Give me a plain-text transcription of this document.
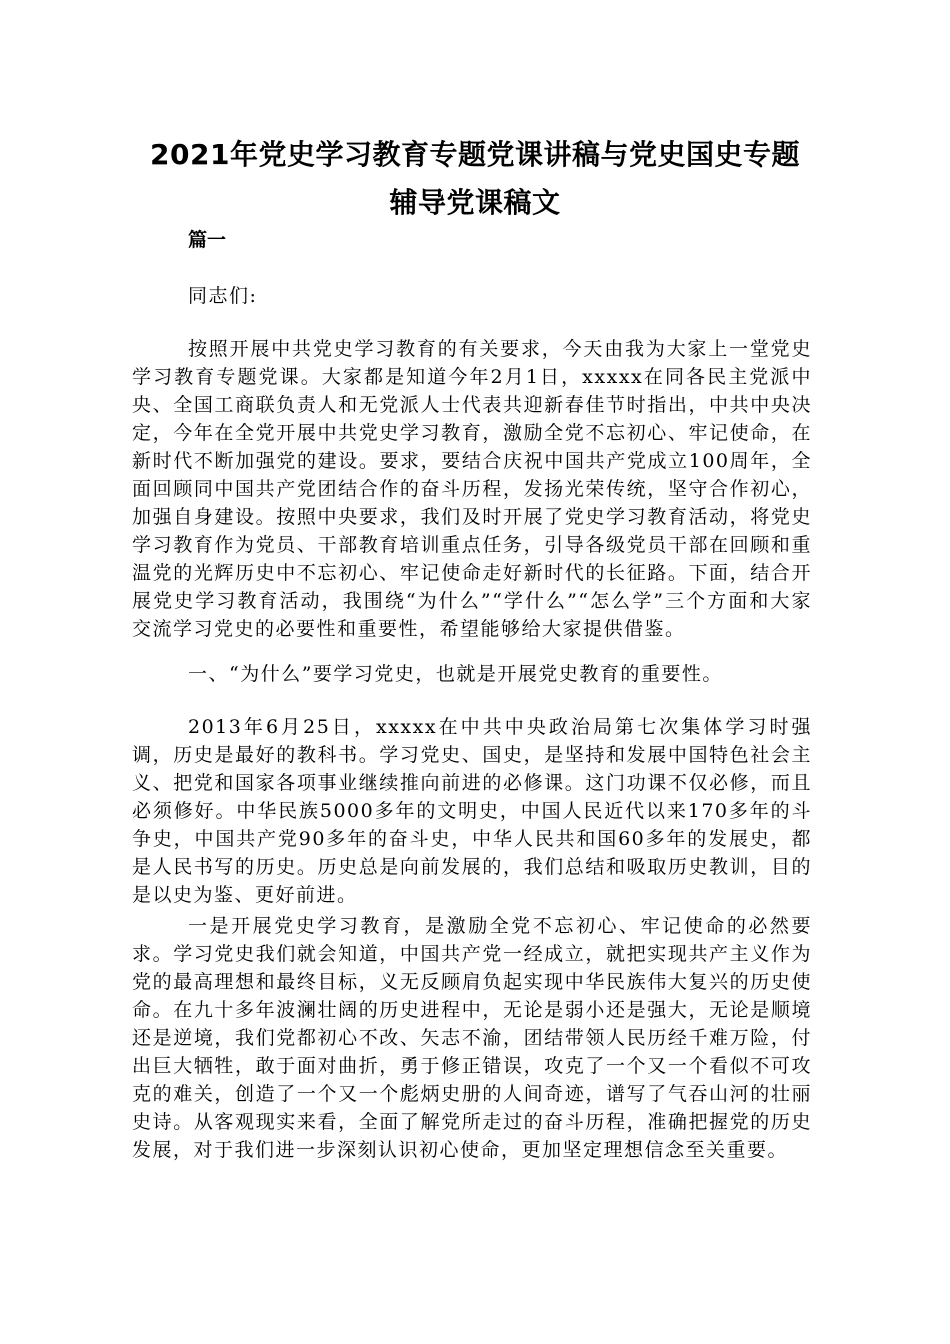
2021年党史学习教育专题党课讲稿与党史国史专题
辅导党课稿文
篇一

同志们:

按照开展中共党史学习教育的有关要求，今天由我为大家上一堂党史学习教育专题党课。大家都是知道今年2月1日，xxxxx在同各民主党派中央、全国工商联负责人和无党派人士代表共迎新春佳节时指出，中共中央决定，今年在全党开展中共党史学习教育，激励全党不忘初心、牢记使命，在新时代不断加强党的建设。要求，要结合庆祝中国共产党成立100周年，全面回顾同中国共产党团结合作的奋斗历程，发扬光荣传统，坚守合作初心，加强自身建设。按照中央要求，我们及时开展了党史学习教育活动，将党史学习教育作为党员、干部教育培训重点任务，引导各级党员干部在回顾和重温党的光辉历史中不忘初心、牢记使命走好新时代的长征路。下面，结合开展党史学习教育活动，我围绕“为什么”“学什么”“怎么学”三个方面和大家交流学习党史的必要性和重要性，希望能够给大家提供借鉴。

一、“为什么”要学习党史，也就是开展党史教育的重要性。

2013年6月25日，xxxxx在中共中央政治局第七次集体学习时强调，历史是最好的教科书。学习党史、国史，是坚持和发展中国特色社会主义、把党和国家各项事业继续推向前进的必修课。这门功课不仅必修，而且必须修好。中华民族5000多年的文明史，中国人民近代以来170多年的斗争史，中国共产党90多年的奋斗史，中华人民共和国60多年的发展史，都是人民书写的历史。历史总是向前发展的，我们总结和吸取历史教训，目的是以史为鉴、更好前进。

一是开展党史学习教育，是激励全党不忘初心、牢记使命的必然要求。学习党史我们就会知道，中国共产党一经成立，就把实现共产主义作为党的最高理想和最终目标，义无反顾肩负起实现中华民族伟大复兴的历史使命。在九十多年波澜壮阔的历史进程中，无论是弱小还是强大，无论是顺境还是逆境，我们党都初心不改、矢志不渝，团结带领人民历经千难万险，付出巨大牺牲，敢于面对曲折，勇于修正错误，攻克了一个又一个看似不可攻克的难关，创造了一个又一个彪炳史册的人间奇迹，谱写了气吞山河的壮丽史诗。从客观现实来看，全面了解党所走过的奋斗历程，准确把握党的历史发展，对于我们进一步深刻认识初心使命，更加坚定理想信念至关重要。
